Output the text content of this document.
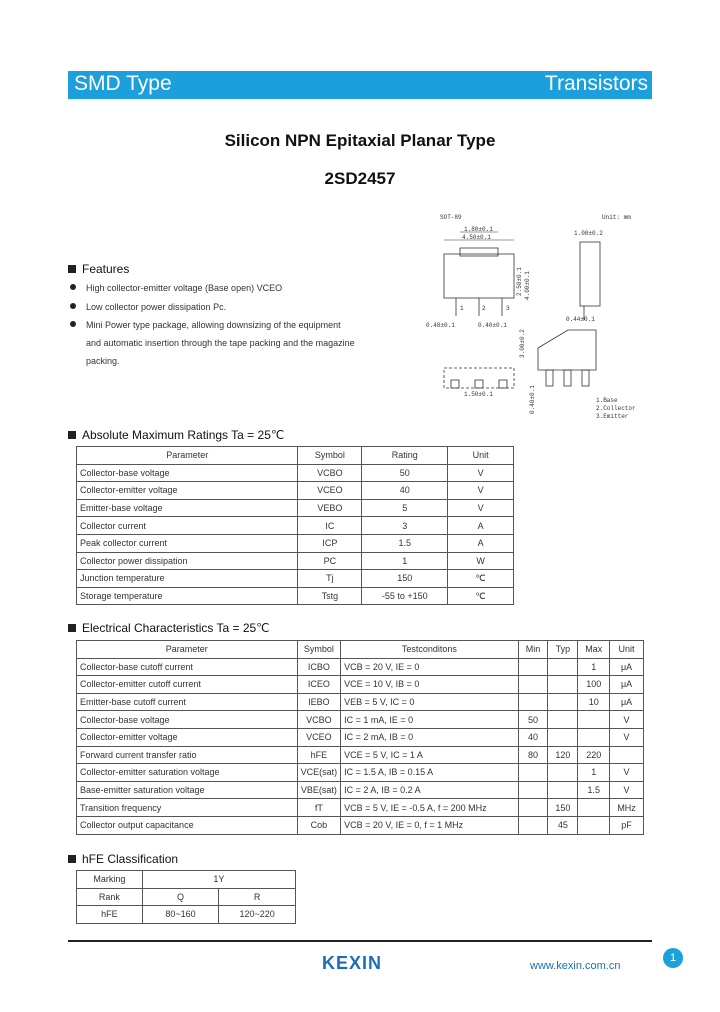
SMD Type	Transistors
Silicon NPN Epitaxial Planar Type
2SD2457
Features
High collector-emitter voltage (Base open) VCEO
Low collector power dissipation Pc.
Mini Power type package, allowing downsizing of the equipment
and automatic insertion through the tape packing and the magazine
packing.
SOT-89	Unit: mm
4.50±0.1
1.80±0.1
1	2	3
0.48±0.1	0.40±0.1
2.50±0.1 4.00±0.1
1.00±0.2
0.44±0.1
1.50±0.1
3.00±0.2
0.40±0.1	1.Base
2.Collector
3.Emitter
Absolute Maximum Ratings Ta = 25℃
Parameter	Symbol	Rating	Unit
Collector-base voltage	VCBO	50	V
Collector-emitter voltage	VCEO	40	V
Emitter-base voltage	VEBO	5	V
Collector current	IC	3	A
Peak collector current	ICP	1.5	A
Collector power dissipation	PC	1	W
Junction temperature	Tj	150	℃
Storage temperature	Tstg	-55 to +150	℃
Electrical Characteristics Ta = 25℃
Parameter	Symbol	Testconditons	Min	Typ	Max	Unit
Collector-base cutoff current	ICBO	VCB = 20 V, IE = 0			1	μA
Collector-emitter cutoff current	ICEO	VCE = 10 V, IB = 0			100	μA
Emitter-base cutoff current	IEBO	VEB = 5 V, IC = 0			10	μA
Collector-base voltage	VCBO	IC = 1 mA, IE = 0	50			V
Collector-emitter voltage	VCEO	IC = 2 mA, IB = 0	40			V
Forward current transfer ratio	hFE	VCE = 5 V, IC = 1 A	80	120	220	
Collector-emitter saturation voltage	VCE(sat)	IC = 1.5 A, IB = 0.15 A			1	V
Base-emitter saturation voltage	VBE(sat)	IC = 2 A, IB = 0.2 A			1.5	V
Transition frequency	fT	VCB = 5 V, IE = -0.5 A, f = 200 MHz		150		MHz
Collector output capacitance	Cob	VCB = 20 V, IE = 0, f = 1 MHz		45		pF
hFE Classification
Marking	1Y	
Rank	Q	R
hFE	80~160	120~220
KEXIN	www.kexin.com.cn
1
